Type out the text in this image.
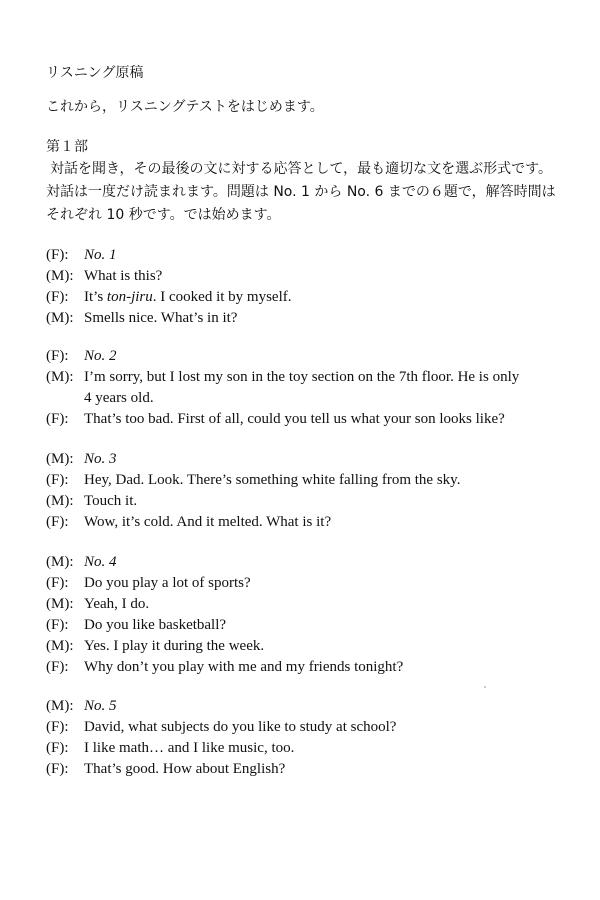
リスニング原稿
これから，リスニングテストをはじめます。
第１部
対話を聞き，その最後の文に対する応答として，最も適切な文を選ぶ形式です。
対話は一度だけ読まれます。問題は No. 1 から No. 6 までの６題で，解答時間は
それぞれ 10 秒です。では始めます。
(F): No. 1
(M): What is this?
(F): It’s ton-jiru. I cooked it by myself.
(M): Smells nice. What’s in it?
(F): No. 2
(M): I’m sorry, but I lost my son in the toy section on the 7th floor. He is only
4 years old.
(F): That’s too bad. First of all, could you tell us what your son looks like?
(M): No. 3
(F): Hey, Dad. Look. There’s something white falling from the sky.
(M): Touch it.
(F): Wow, it’s cold. And it melted. What is it?
(M): No. 4
(F): Do you play a lot of sports?
(M): Yeah, I do.
(F): Do you like basketball?
(M): Yes. I play it during the week.
(F): Why don’t you play with me and my friends tonight?
(M): No. 5
(F): David, what subjects do you like to study at school?
(F): I like math… and I like music, too.
(F): That’s good. How about English?
